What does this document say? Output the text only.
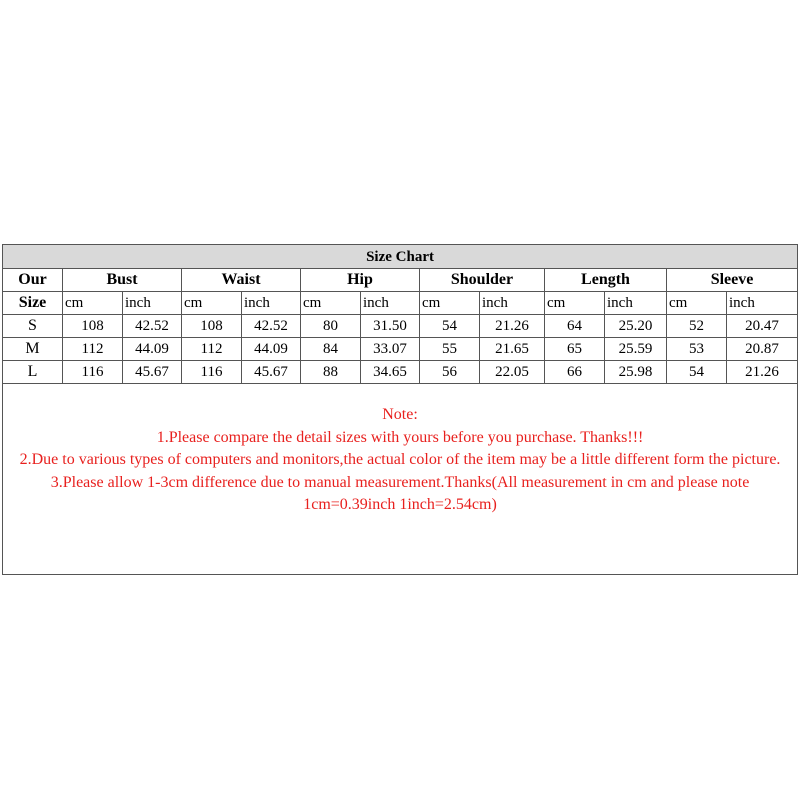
Size Chart												
Our	Bust		Waist		Hip		Shoulder		Length		Sleeve	
Size	cm	inch	cm	inch	cm	inch	cm	inch	cm	inch	cm	inch
S	108	42.52	108	42.52	80	31.50	54	21.26	64	25.20	52	20.47
M	112	44.09	112	44.09	84	33.07	55	21.65	65	25.59	53	20.87
L	116	45.67	116	45.67	88	34.65	56	22.05	66	25.98	54	21.26

Note:
1.Please compare the detail sizes with yours before you purchase. Thanks!!!
2.Due to various types of computers and monitors,the actual color of the item may be a little different form the picture.
3.Please allow 1-3cm difference due to manual measurement.Thanks(All measurement in cm and please note 1cm=0.39inch 1inch=2.54cm)												
